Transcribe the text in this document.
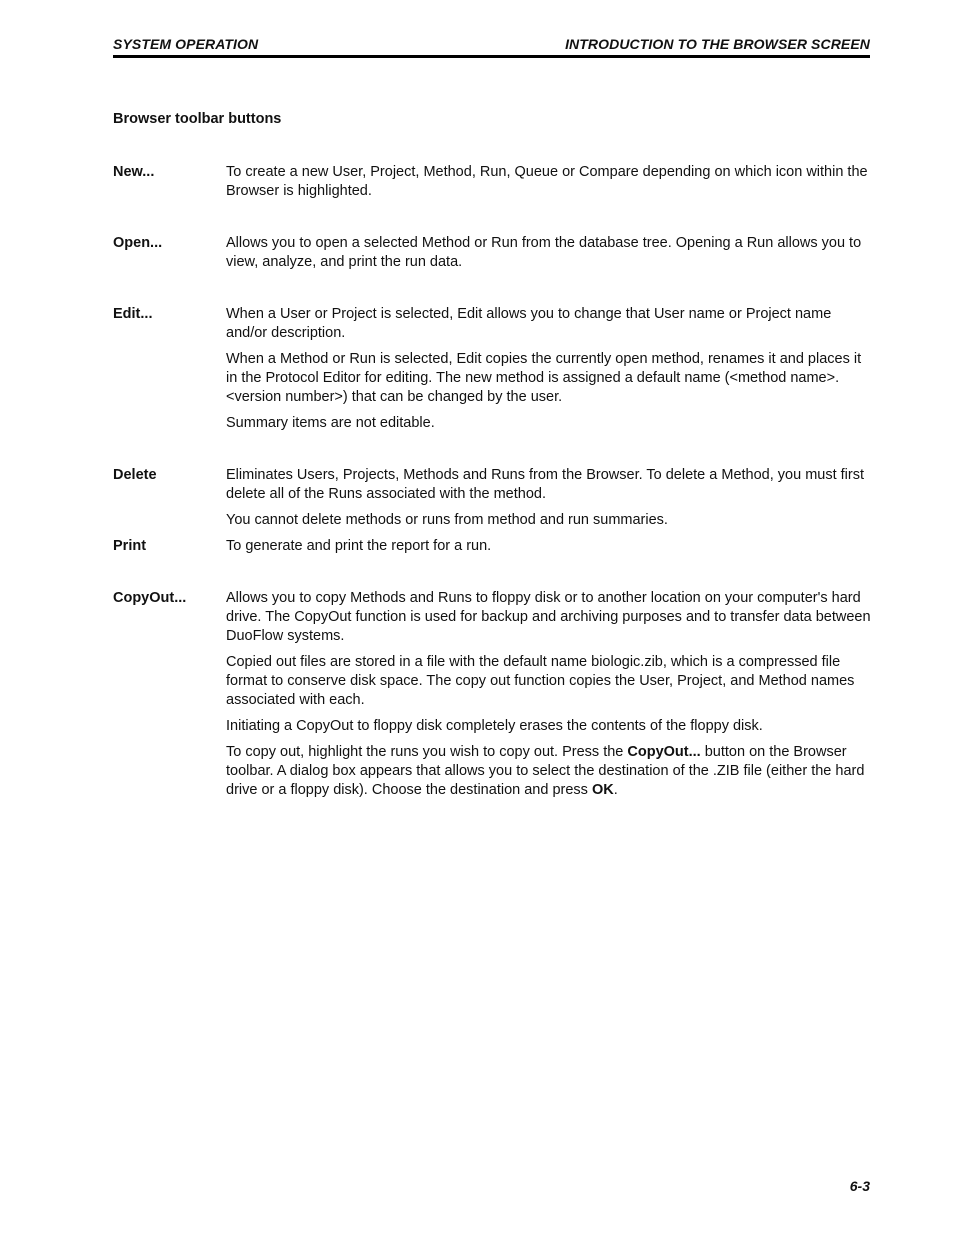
SYSTEM OPERATION	INTRODUCTION TO THE BROWSER SCREEN
Browser toolbar buttons
New...	To create a new User, Project, Method, Run, Queue or Compare depending on which icon within the Browser is highlighted.

Open...	Allows you to open a selected Method or Run from the database tree. Opening a Run allows you to view, analyze, and print the run data.

Edit...	When a User or Project is selected, Edit allows you to change that User name or Project name and/or description.

When a Method or Run is selected, Edit copies the currently open method, renames it and places it in the Protocol Editor for editing. The new method is assigned a default name (<method name>.<version number>) that can be changed by the user.

Summary items are not editable.

Delete	Eliminates Users, Projects, Methods and Runs from the Browser. To delete a Method, you must first delete all of the Runs associated with the method.

You cannot delete methods or runs from method and run summaries.

Print	To generate and print the report for a run.

CopyOut...	Allows you to copy Methods and Runs to floppy disk or to another location on your computer's hard drive. The CopyOut function is used for backup and archiving purposes and to transfer data between DuoFlow systems.

Copied out files are stored in a file with the default name biologic.zib, which is a compressed file format to conserve disk space. The copy out function copies the User, Project, and Method names associated with each.

Initiating a CopyOut to floppy disk completely erases the contents of the floppy disk.

To copy out, highlight the runs you wish to copy out. Press the CopyOut... button on the Browser toolbar. A dialog box appears that allows you to select the destination of the .ZIB file (either the hard drive or a floppy disk). Choose the destination and press OK.

6-3
